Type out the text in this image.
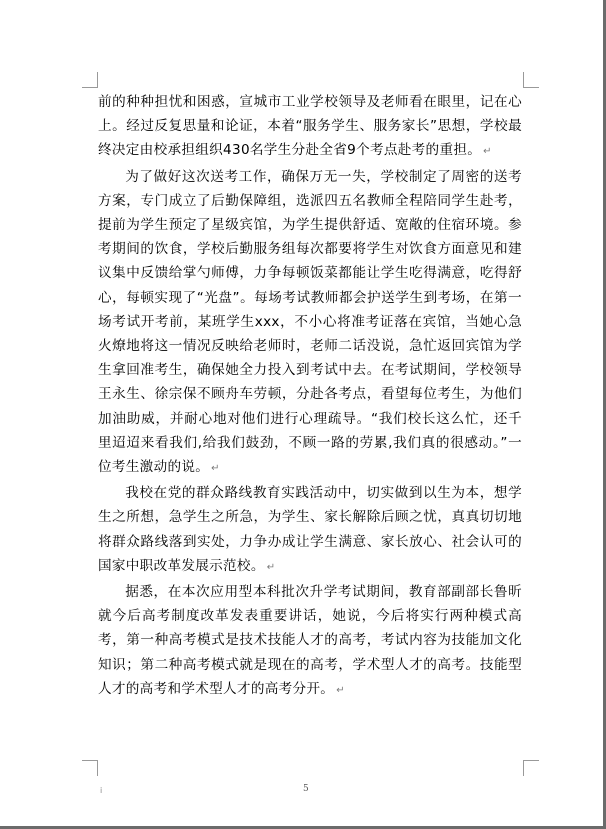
前的种种担忧和困惑，宣城市工业学校领导及老师看在眼里，记在心上。经过反复思量和论证，本着“服务学生、服务家长”思想，学校最终决定由校承担组织430名学生分赴全省9个考点赴考的重担。 ↵

为了做好这次送考工作，确保万无一失，学校制定了周密的送考方案，专门成立了后勤保障组，选派四五名教师全程陪同学生赴考，提前为学生预定了星级宾馆，为学生提供舒适、宽敞的住宿环境。参考期间的饮食，学校后勤服务组每次都要将学生对饮食方面意见和建议集中反馈给掌勺师傅，力争每顿饭菜都能让学生吃得满意，吃得舒心，每顿实现了“光盘”。每场考试教师都会护送学生到考场，在第一场考试开考前，某班学生xxx，不小心将准考证落在宾馆，当她心急火燎地将这一情况反映给老师时，老师二话没说，急忙返回宾馆为学生拿回准考生，确保她全力投入到考试中去。在考试期间，学校领导王永生、徐宗保不顾舟车劳顿，分赴各考点，看望每位考生，为他们加油助威，并耐心地对他们进行心理疏导。“我们校长这么忙，还千里迢迢来看我们,给我们鼓劲，不顾一路的劳累,我们真的很感动。”一位考生激动的说。 ↵

我校在党的群众路线教育实践活动中，切实做到以生为本，想学生之所想，急学生之所急，为学生、家长解除后顾之忧，真真切切地将群众路线落到实处，力争办成让学生满意、家长放心、社会认可的国家中职改革发展示范校。 ↵

据悉，在本次应用型本科批次升学考试期间，教育部副部长鲁昕就今后高考制度改革发表重要讲话，她说，今后将实行两种模式高考，第一种高考模式是技术技能人才的高考，考试内容为技能加文化知识；第二种高考模式就是现在的高考，学术型人才的高考。技能型人才的高考和学术型人才的高考分开。 ↵

ⅰ	5
